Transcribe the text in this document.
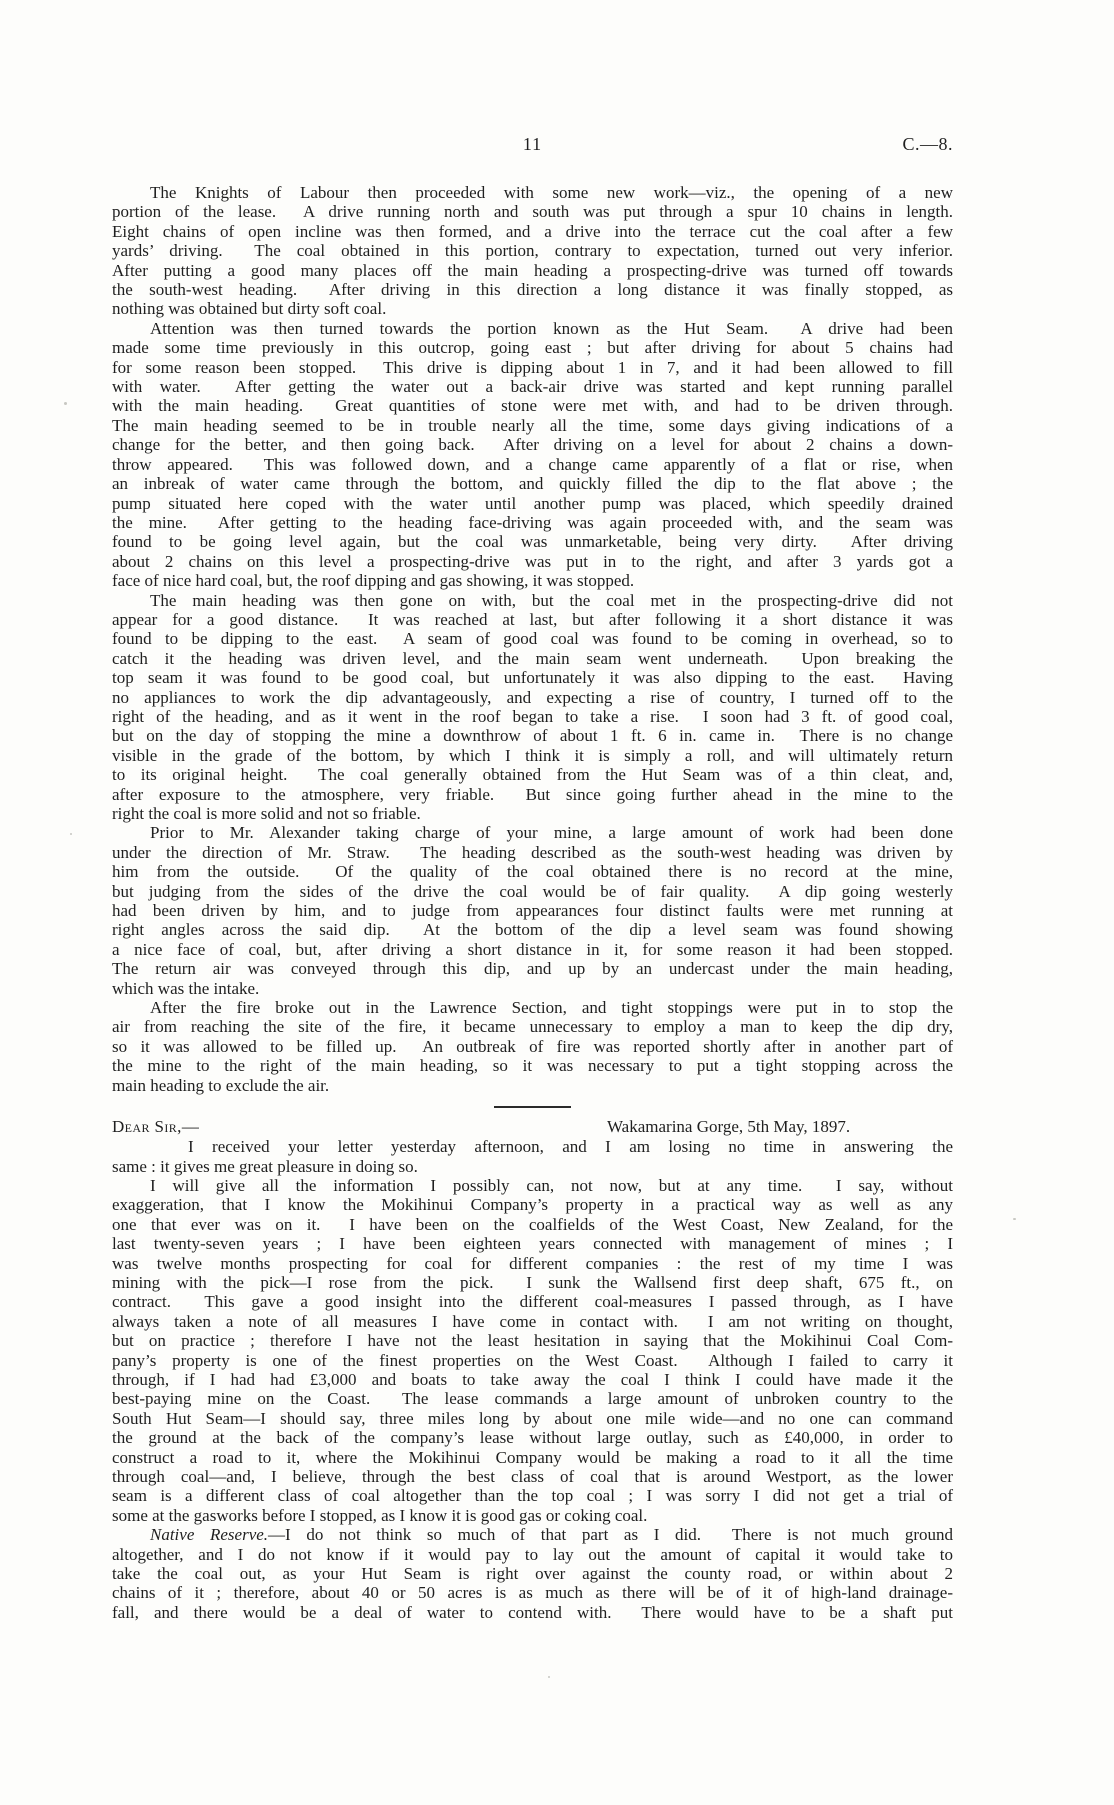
11	C.—8.
The Knights of Labour then proceeded with some new work—viz., the opening of a new
portion of the lease.  A drive running north and south was put through a spur 10 chains in length.
Eight chains of open incline was then formed, and a drive into the terrace cut the coal after a few
yards’ driving.  The coal obtained in this portion, contrary to expectation, turned out very inferior.
After putting a good many places off the main heading a prospecting-drive was turned off towards
the south-west heading.  After driving in this direction a long distance it was finally stopped, as
nothing was obtained but dirty soft coal.
Attention was then turned towards the portion known as the Hut Seam.  A drive had been
made some time previously in this outcrop, going east ; but after driving for about 5 chains had
for some reason been stopped.  This drive is dipping about 1 in 7, and it had been allowed to fill
with water.  After getting the water out a back-air drive was started and kept running parallel
with the main heading.  Great quantities of stone were met with, and had to be driven through.
The main heading seemed to be in trouble nearly all the time, some days giving indications of a
change for the better, and then going back.  After driving on a level for about 2 chains a down-
throw appeared.  This was followed down, and a change came apparently of a flat or rise, when
an inbreak of water came through the bottom, and quickly filled the dip to the flat above ; the
pump situated here coped with the water until another pump was placed, which speedily drained
the mine.  After getting to the heading face-driving was again proceeded with, and the seam was
found to be going level again, but the coal was unmarketable, being very dirty.  After driving
about 2 chains on this level a prospecting-drive was put in to the right, and after 3 yards got a
face of nice hard coal, but, the roof dipping and gas showing, it was stopped.
The main heading was then gone on with, but the coal met in the prospecting-drive did not
appear for a good distance.  It was reached at last, but after following it a short distance it was
found to be dipping to the east.  A seam of good coal was found to be coming in overhead, so to
catch it the heading was driven level, and the main seam went underneath.  Upon breaking the
top seam it was found to be good coal, but unfortunately it was also dipping to the east.  Having
no appliances to work the dip advantageously, and expecting a rise of country, I turned off to the
right of the heading, and as it went in the roof began to take a rise.  I soon had 3 ft. of good coal,
but on the day of stopping the mine a downthrow of about 1 ft. 6 in. came in.  There is no change
visible in the grade of the bottom, by which I think it is simply a roll, and will ultimately return
to its original height.  The coal generally obtained from the Hut Seam was of a thin cleat, and,
after exposure to the atmosphere, very friable.  But since going further ahead in the mine to the
right the coal is more solid and not so friable.
Prior to Mr. Alexander taking charge of your mine, a large amount of work had been done
under the direction of Mr. Straw.  The heading described as the south-west heading was driven by
him from the outside.  Of the quality of the coal obtained there is no record at the mine,
but judging from the sides of the drive the coal would be of fair quality.  A dip going westerly
had been driven by him, and to judge from appearances four distinct faults were met running at
right angles across the said dip.  At the bottom of the dip a level seam was found showing
a nice face of coal, but, after driving a short distance in it, for some reason it had been stopped.
The return air was conveyed through this dip, and up by an undercast under the main heading,
which was the intake.
After the fire broke out in the Lawrence Section, and tight stoppings were put in to stop the
air from reaching the site of the fire, it became unnecessary to employ a man to keep the dip dry,
so it was allowed to be filled up.  An outbreak of fire was reported shortly after in another part of
the mine to the right of the main heading, so it was necessary to put a tight stopping across the
main heading to exclude the air.
Dear Sir,—	Wakamarina Gorge, 5th May, 1897.
I received your letter yesterday afternoon, and I am losing no time in answering the
same : it gives me great pleasure in doing so.
I will give all the information I possibly can, not now, but at any time.  I say, without
exaggeration, that I know the Mokihinui Company’s property in a practical way as well as any
one that ever was on it.  I have been on the coalfields of the West Coast, New Zealand, for the
last twenty-seven years ; I have been eighteen years connected with management of mines ; I
was twelve months prospecting for coal for different companies : the rest of my time I was
mining with the pick—I rose from the pick.  I sunk the Wallsend first deep shaft, 675 ft., on
contract.  This gave a good insight into the different coal-measures I passed through, as I have
always taken a note of all measures I have come in contact with.  I am not writing on thought,
but on practice ; therefore I have not the least hesitation in saying that the Mokihinui Coal Com-
pany’s property is one of the finest properties on the West Coast.  Although I failed to carry it
through, if I had had £3,000 and boats to take away the coal I think I could have made it the
best-paying mine on the Coast.  The lease commands a large amount of unbroken country to the
South Hut Seam—I should say, three miles long by about one mile wide—and no one can command
the ground at the back of the company’s lease without large outlay, such as £40,000, in order to
construct a road to it, where the Mokihinui Company would be making a road to it all the time
through coal—and, I believe, through the best class of coal that is around Westport, as the lower
seam is a different class of coal altogether than the top coal ; I was sorry I did not get a trial of
some at the gasworks before I stopped, as I know it is good gas or coking coal.
Native Reserve.—I do not think so much of that part as I did.  There is not much ground
altogether, and I do not know if it would pay to lay out the amount of capital it would take to
take the coal out, as your Hut Seam is right over against the county road, or within about 2
chains of it ; therefore, about 40 or 50 acres is as much as there will be of it of high-land drainage-
fall, and there would be a deal of water to contend with.  There would have to be a shaft put
